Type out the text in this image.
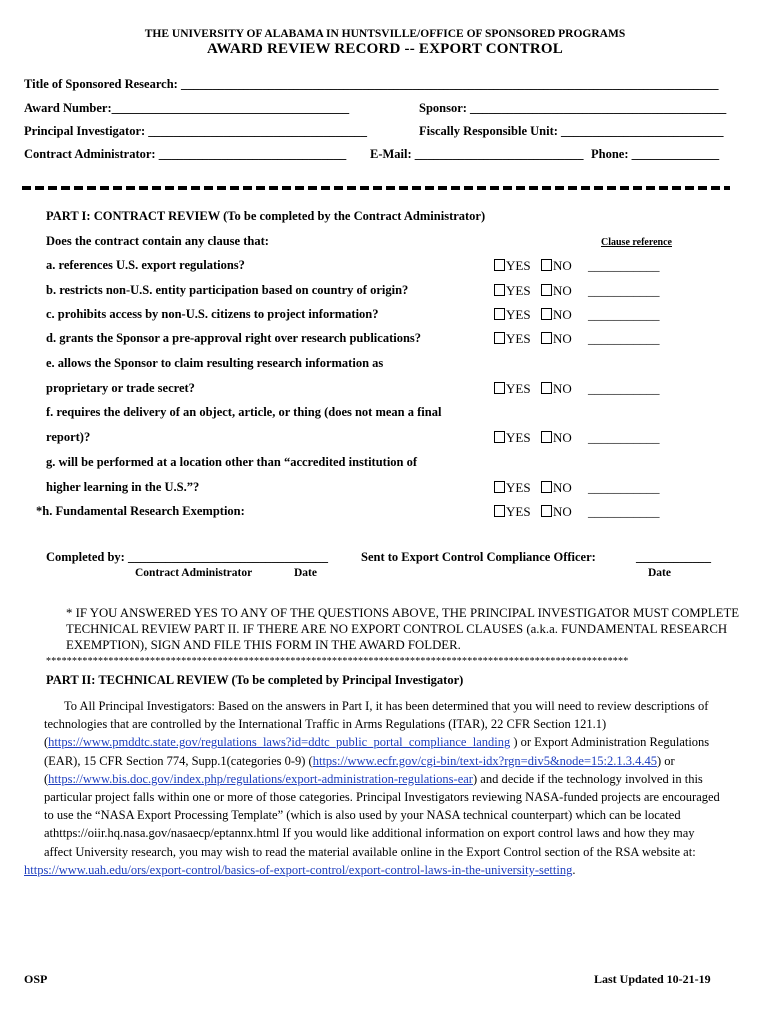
THE UNIVERSITY OF ALABAMA IN HUNTSVILLE/OFFICE OF SPONSORED PROGRAMS
AWARD REVIEW RECORD -- EXPORT CONTROL
Title of Sponsored Research: ______________________________________________________________________________________
Award Number:______________________________________	Sponsor: _________________________________________
Principal Investigator: ___________________________________	Fiscally Responsible Unit: __________________________
Contract Administrator: ______________________________ E-Mail: ___________________________ Phone: ______________
PART I: CONTRACT REVIEW (To be completed by the Contract Administrator)
Does the contract contain any clause that:	Clause reference
a. references U.S. export regulations?	YES	NO ___________
b. restricts non-U.S. entity participation based on country of origin?	YES	NO ___________
c. prohibits access by non-U.S. citizens to project information?	YES	NO ___________
d. grants the Sponsor a pre-approval right over research publications?	YES	NO ___________
e. allows the Sponsor to claim resulting research information as
proprietary or trade secret?	YES	NO ___________
f. requires the delivery of an object, article, or thing (does not mean a final
report)?	YES	NO ___________
g. will be performed at a location other than “accredited institution of
higher learning in the U.S.”?	YES	NO ___________
*h. Fundamental Research Exemption:	YES	NO ___________
Completed by: ________________________________	Sent to Export Control Compliance Officer:	____________
Contract Administrator	Date	Date
* IF YOU ANSWERED YES TO ANY OF THE QUESTIONS ABOVE, THE PRINCIPAL INVESTIGATOR MUST COMPLETE TECHNICAL REVIEW PART II. IF THERE ARE NO EXPORT CONTROL CLAUSES (a.k.a. FUNDAMENTAL RESEARCH EXEMPTION), SIGN AND FILE THIS FORM IN THE AWARD FOLDER.
****************************************************************************************************************
PART II: TECHNICAL REVIEW (To be completed by Principal Investigator)
To All Principal Investigators: Based on the answers in Part I, it has been determined that you will need to review descriptions of technologies that are controlled by the International Traffic in Arms Regulations (ITAR), 22 CFR Section 121.1) (https://www.pmddtc.state.gov/regulations_laws?id=ddtc_public_portal_compliance_landing ) or Export Administration Regulations (EAR), 15 CFR Section 774, Supp.1(categories 0-9) (https://www.ecfr.gov/cgi-bin/text-idx?rgn=div5&node=15:2.1.3.4.45) or (https://www.bis.doc.gov/index.php/regulations/export-administration-regulations-ear) and decide if the technology involved in this particular project falls within one or more of those categories. Principal Investigators reviewing NASA-funded projects are encouraged to use the “NASA Export Processing Template” (which is also used by your NASA technical counterpart) which can be located athttps://oiir.hq.nasa.gov/nasaecp/eptannx.html If you would like additional information on export control laws and how they may affect University research, you may wish to read the material available online in the Export Control section of the RSA website at:
https://www.uah.edu/ors/export-control/basics-of-export-control/export-control-laws-in-the-university-setting.
OSP	Last Updated 10-21-19
